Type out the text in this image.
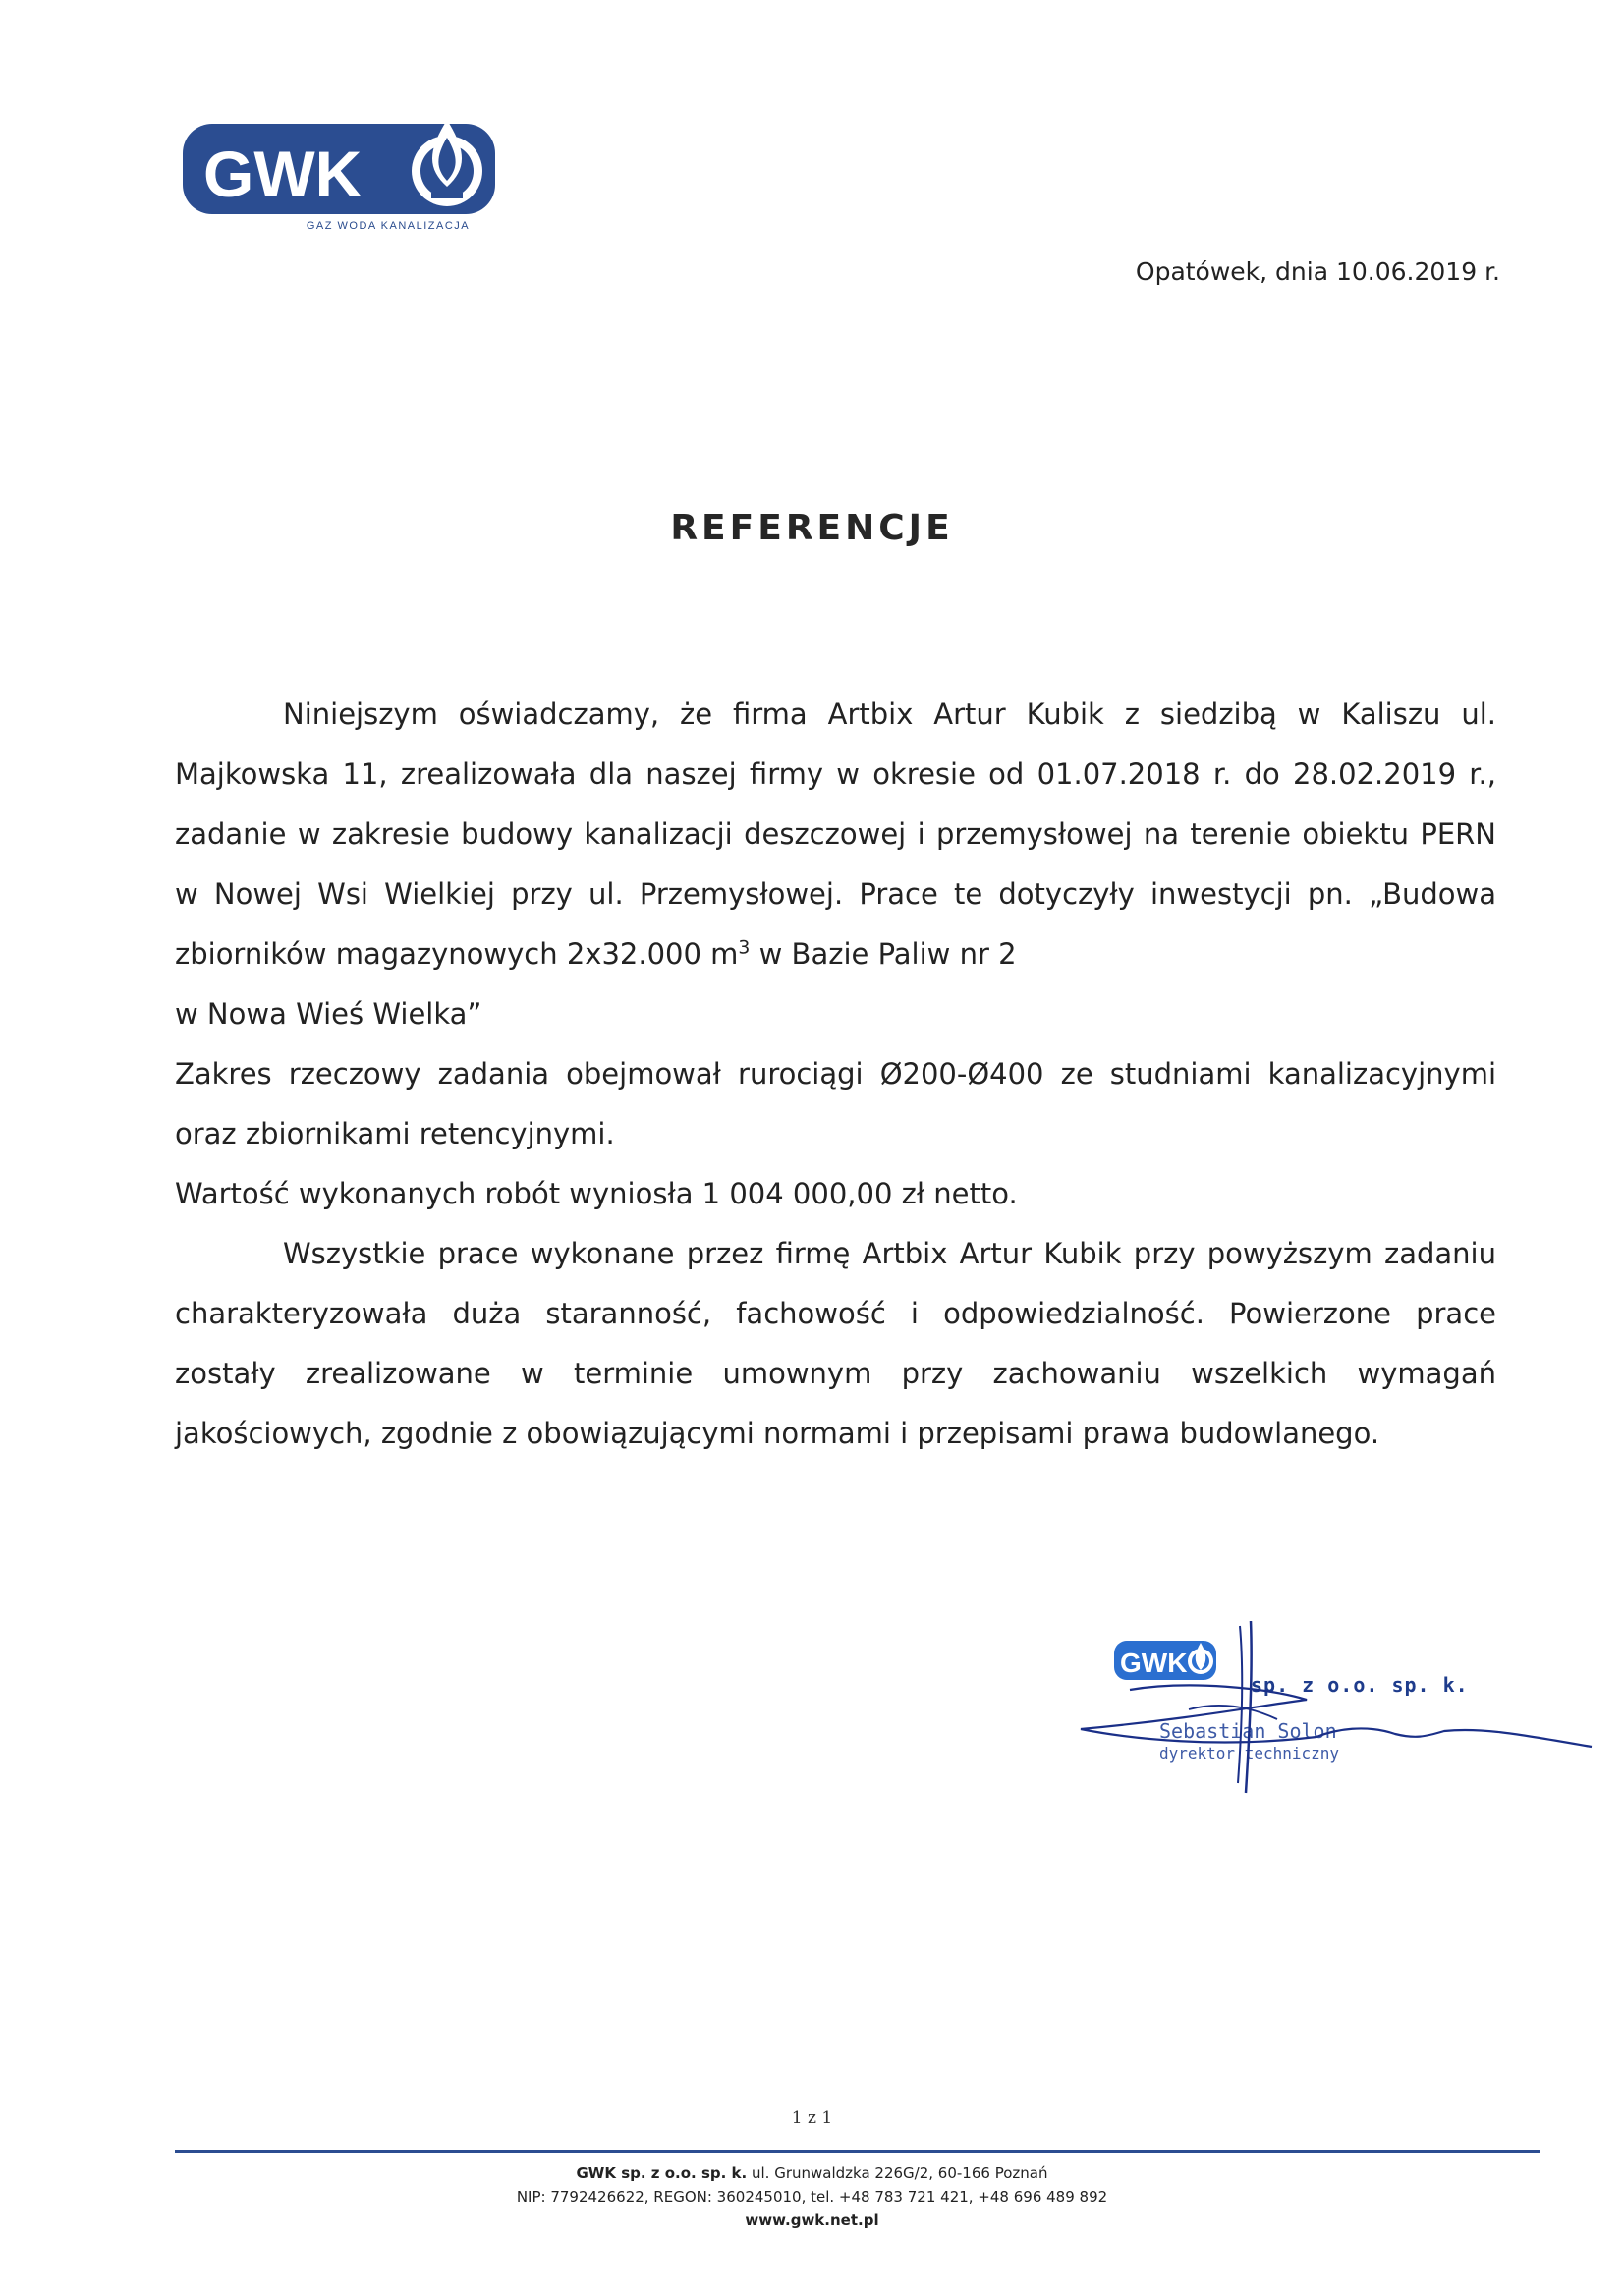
GWK
GAZ WODA KANALIZACJA
Opatówek, dnia 10.06.2019 r.
REFERENCJE

Niniejszym oświadczamy, że firma Artbix Artur Kubik z siedzibą w Kaliszu ul. Majkowska 11, zrealizowała dla naszej firmy w okresie od 01.07.2018 r. do 28.02.2019 r., zadanie w zakresie budowy kanalizacji deszczowej i przemysłowej na terenie obiektu PERN w Nowej Wsi Wielkiej przy ul. Przemysłowej. Prace te dotyczyły inwestycji pn. „Budowa zbiorników magazynowych 2x32.000 $m^3$ w Bazie Paliw nr 2

w Nowa Wieś Wielka”

Zakres rzeczowy zadania obejmował rurociągi Ø200-Ø400 ze studniami kanalizacyjnymi oraz zbiornikami retencyjnymi.

Wartość wykonanych robót wyniosła 1 004 000,00 zł netto.

Wszystkie prace wykonane przez firmę Artbix Artur Kubik przy powyższym zadaniu charakteryzowała duża staranność, fachowość i odpowiedzialność. Powierzone prace zostały zrealizowane w terminie umownym przy zachowaniu wszelkich wymagań jakościowych, zgodnie z obowiązującymi normami i przepisami prawa budowlanego.

GWK
sp. z o.o. sp. k.
Sebastian Solon
dyrektor techniczny
1 z 1
GWK sp. z o.o. sp. k. ul. Grunwaldzka 226G/2, 60-166 Poznań
NIP: 7792426622, REGON: 360245010, tel. +48 783 721 421, +48 696 489 892
www.gwk.net.pl
